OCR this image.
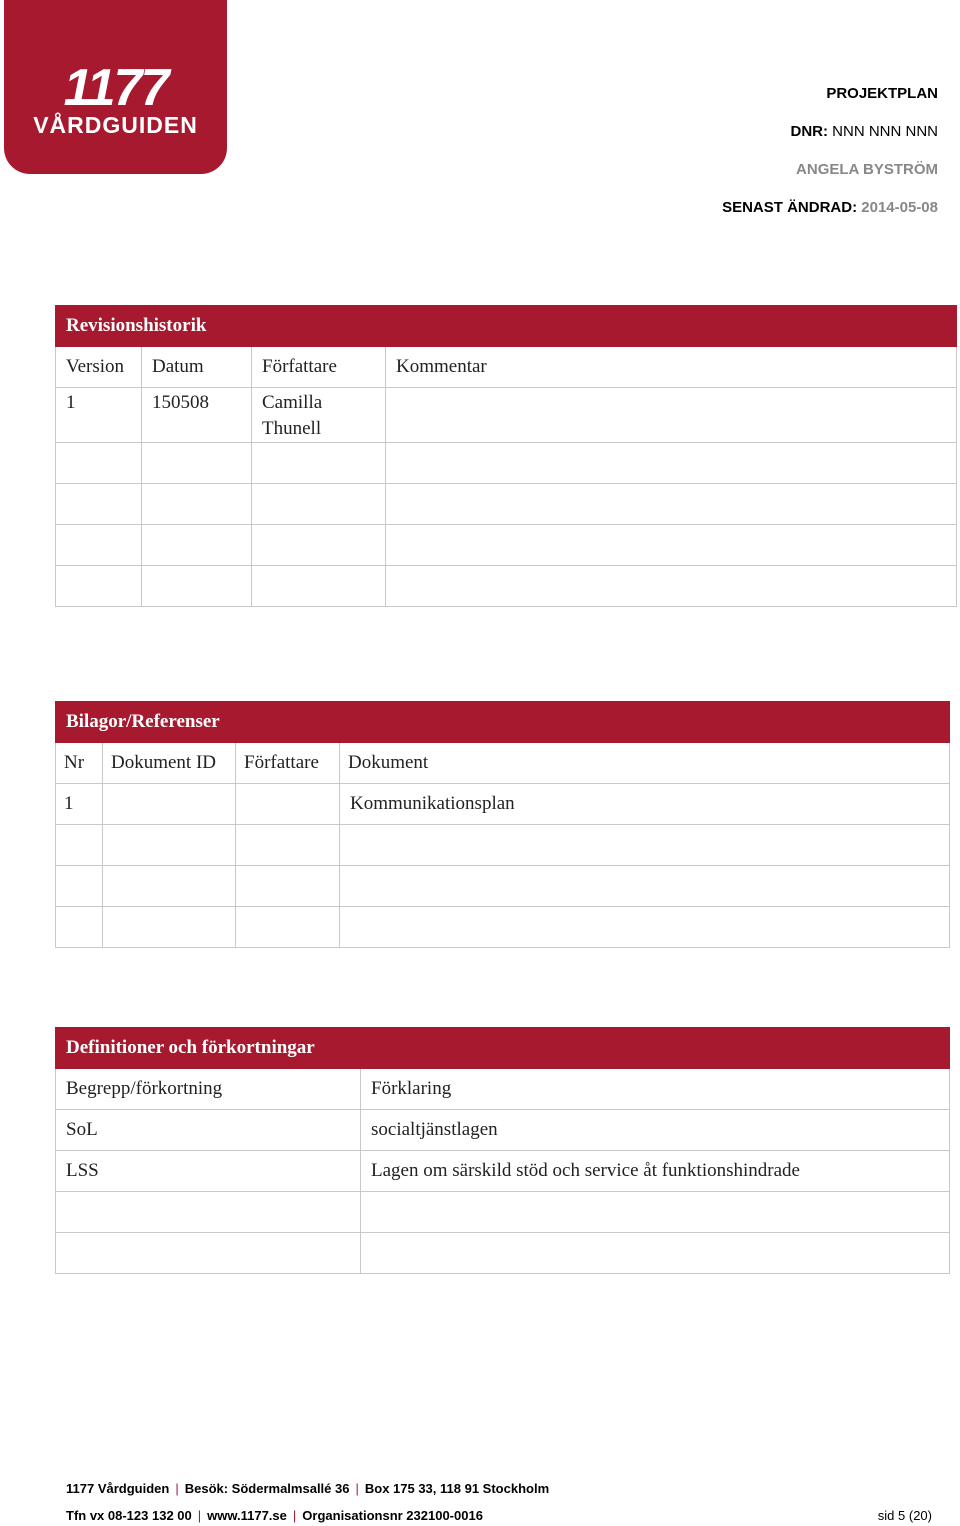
1177
VÅRDGUIDEN
PROJEKTPLAN
DNR: NNN NNN NNN
ANGELA BYSTRÖM
SENAST ÄNDRAD: 2014-05-08
Revisionshistorik			
Version	Datum	Författare	Kommentar
1	150508	Camilla Thunell	

Bilagor/Referenser			
Nr	Dokument ID	Författare	Dokument
1			Kommunikationsplan

Definitioner och förkortningar	
Begrepp/förkortning	Förklaring
SoL	socialtjänstlagen
LSS	Lagen om särskild stöd och service åt funktionshindrade

1177 Vårdguiden | Besök: Södermalmsallé 36 | Box 175 33, 118 91 Stockholm
Tfn vx 08-123 132 00 | www.1177.se | Organisationsnr 232100-0016	sid 5 (20)
